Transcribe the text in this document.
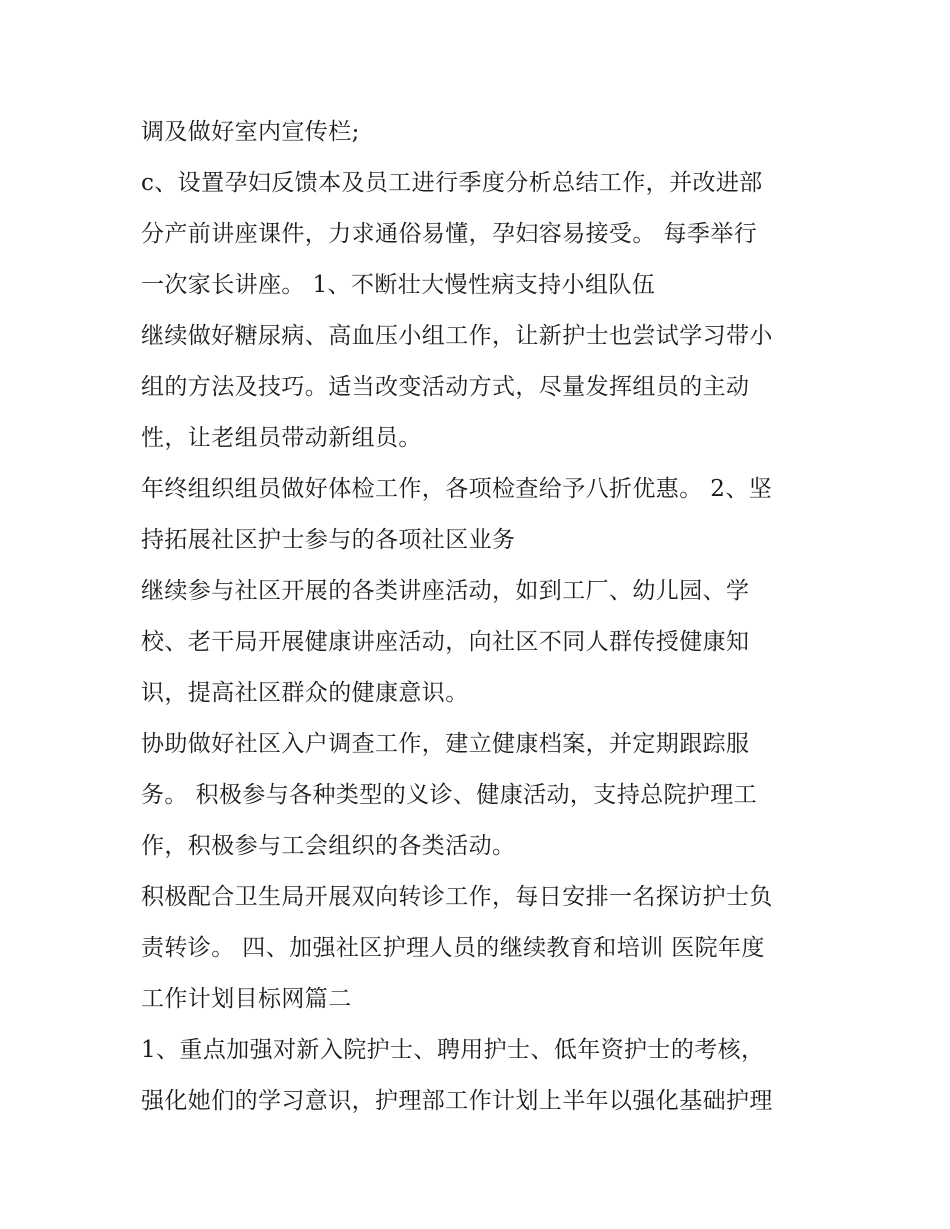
调及做好室内宣传栏;
c、设置孕妇反馈本及员工进行季度分析总结工作，并改进部
分产前讲座课件，力求通俗易懂，孕妇容易接受。 每季举行
一次家长讲座。 1、不断壮大慢性病支持小组队伍
继续做好糖尿病、高血压小组工作，让新护士也尝试学习带小
组的方法及技巧。适当改变活动方式，尽量发挥组员的主动
性，让老组员带动新组员。
年终组织组员做好体检工作，各项检查给予八折优惠。 2、坚
持拓展社区护士参与的各项社区业务
继续参与社区开展的各类讲座活动，如到工厂、幼儿园、学
校、老干局开展健康讲座活动，向社区不同人群传授健康知
识，提高社区群众的健康意识。
协助做好社区入户调查工作，建立健康档案，并定期跟踪服
务。 积极参与各种类型的义诊、健康活动，支持总院护理工
作，积极参与工会组织的各类活动。
积极配合卫生局开展双向转诊工作，每日安排一名探访护士负
责转诊。 四、加强社区护理人员的继续教育和培训 医院年度
工作计划目标网篇二
1、重点加强对新入院护士、聘用护士、低年资护士的考核，
强化她们的学习意识，护理部工作计划上半年以强化基础护理
